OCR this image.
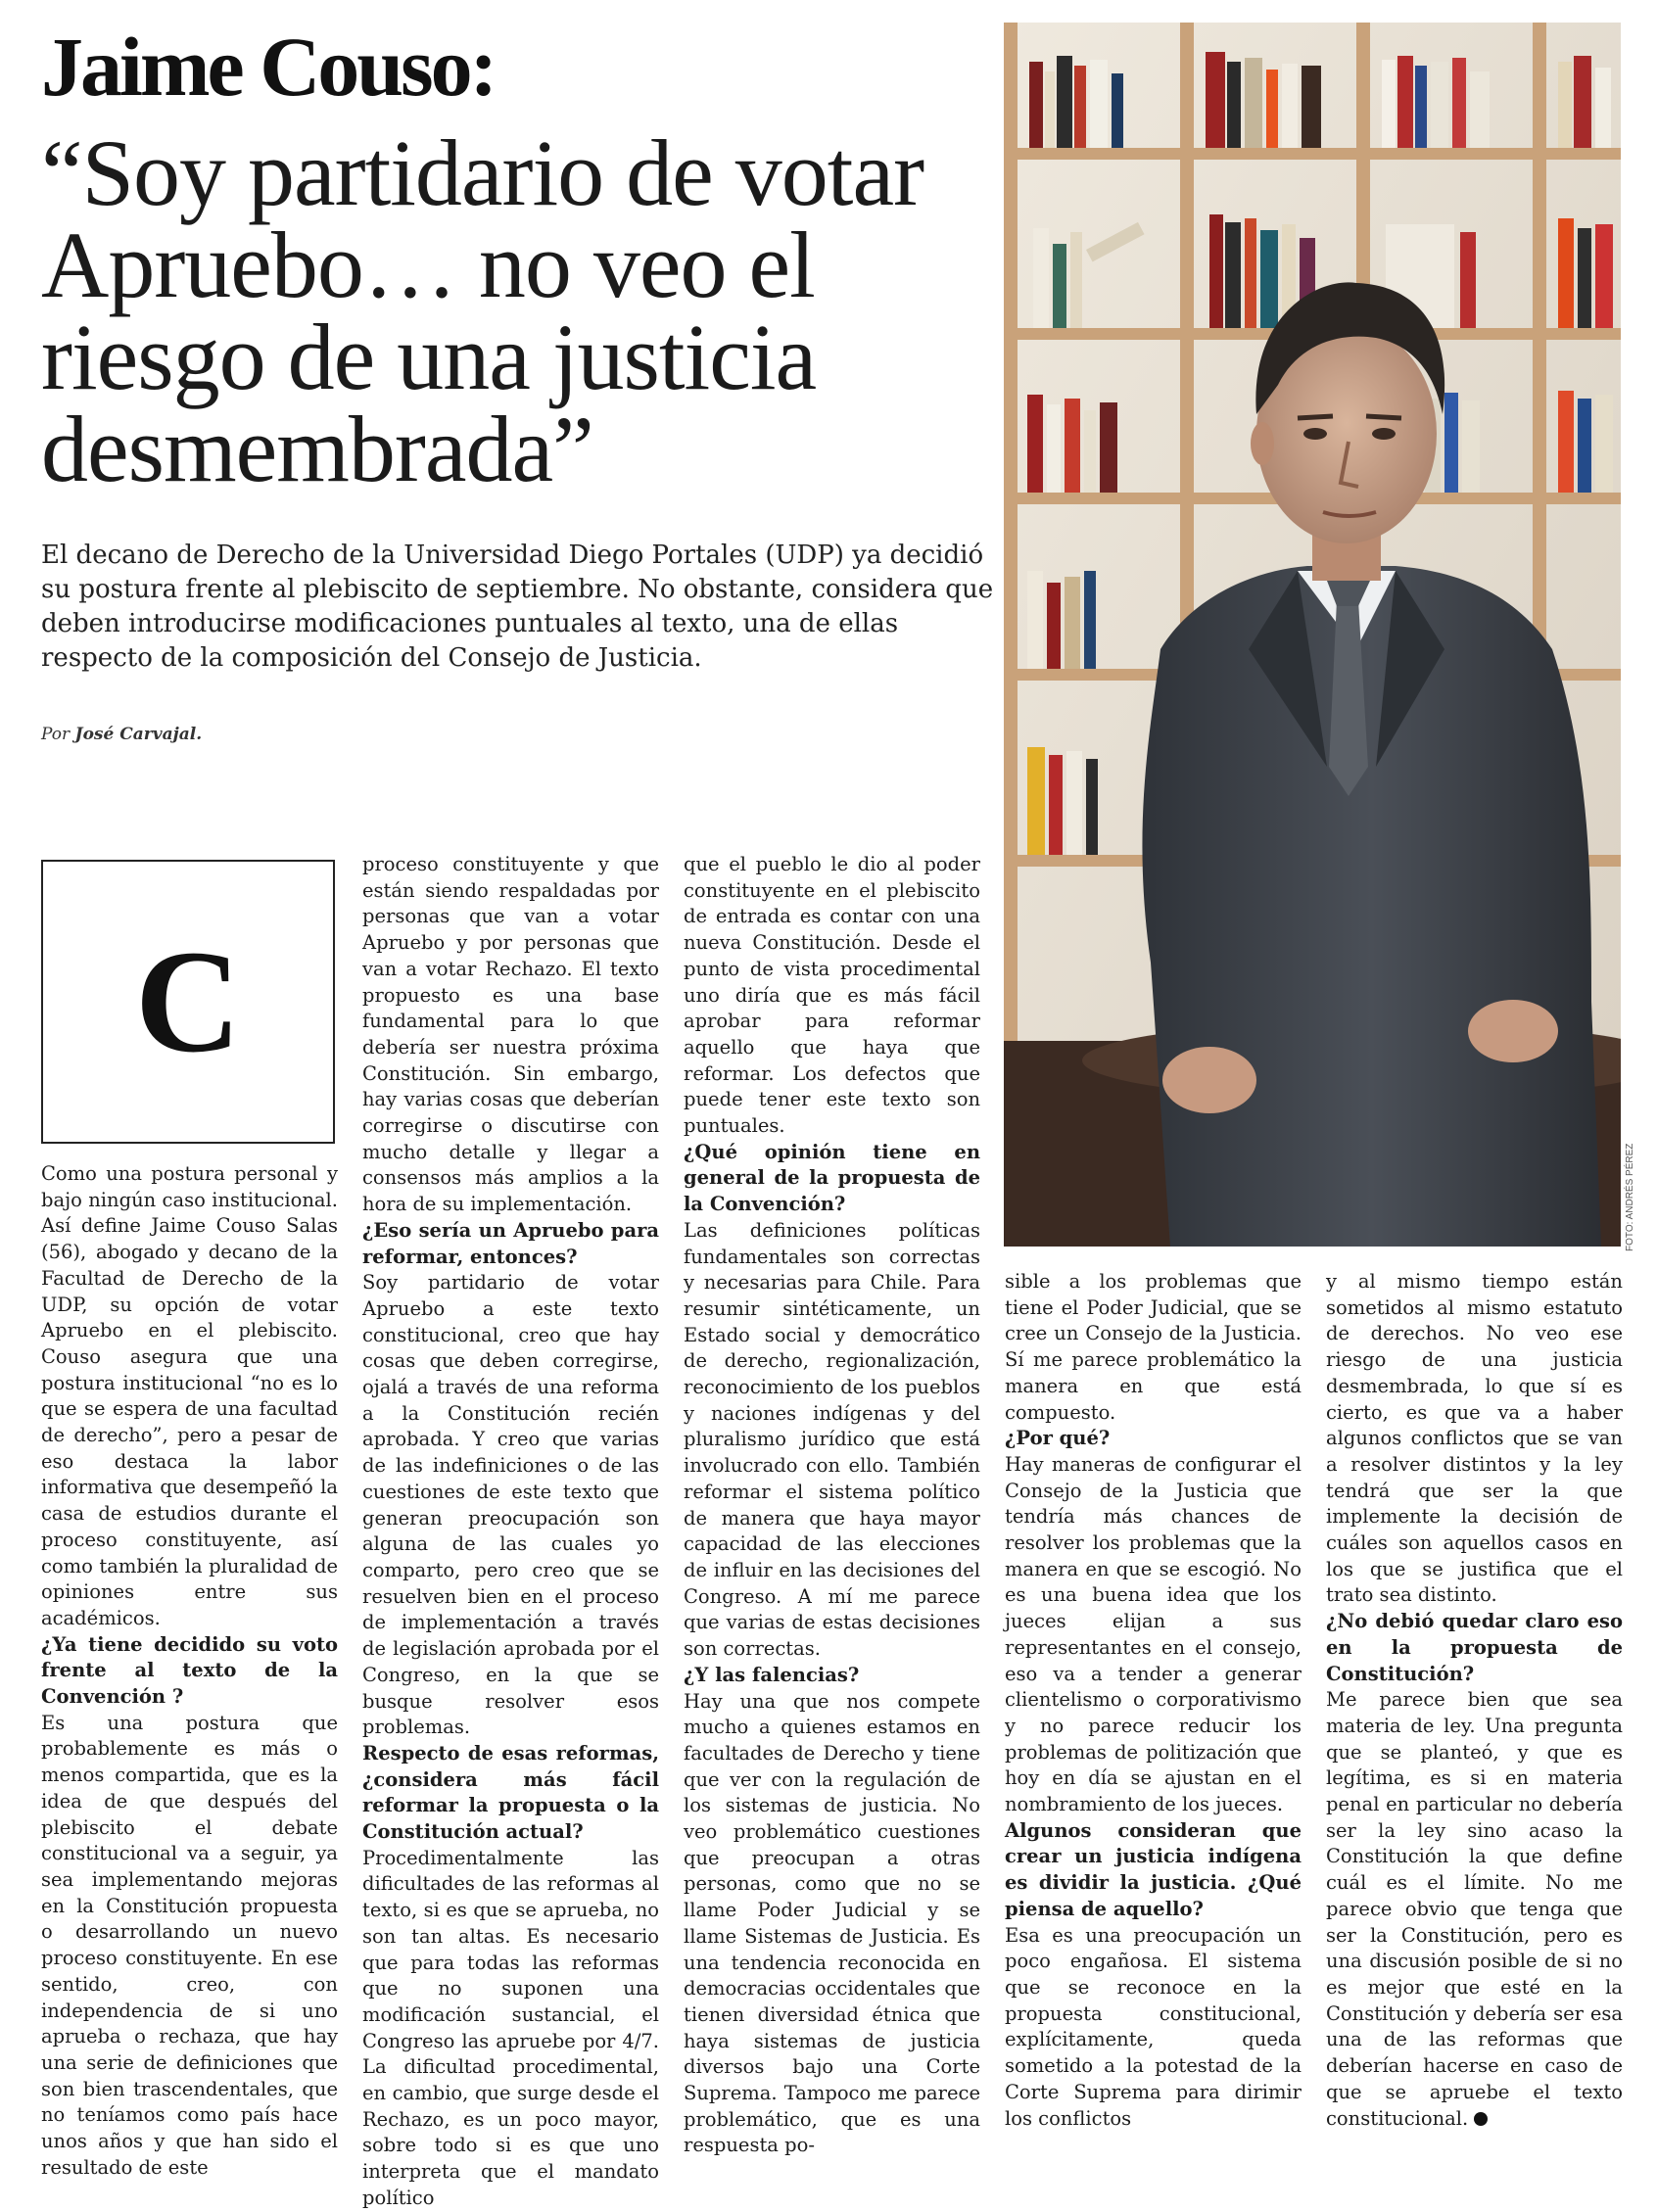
Jaime Couso:
“Soy partidario de votar Apruebo… no veo el riesgo de una justicia desmembrada”
El decano de Derecho de la Universidad Diego Portales (UDP) ya decidió su postura frente al plebiscito de septiembre. No obstante, considera que deben introducirse modificaciones puntuales al texto, una de ellas respecto de la composición del Consejo de Justicia.
Por José Carvajal.
FOTO: ANDRÉS PÉREZ
C

Como una postura personal y bajo ningún caso institucional. Así define Jaime Couso Salas (56), abogado y decano de la Facultad de Derecho de la UDP, su opción de votar Apruebo en el plebiscito. Couso asegura que una postura institucional “no es lo que se espera de una facultad de derecho”, pero a pesar de eso destaca la labor informativa que desempeñó la casa de estudios durante el proceso constituyente, así como también la pluralidad de opiniones entre sus académicos.

¿Ya tiene decidido su voto frente al texto de la Convención ?

Es una postura que probablemente es más o menos compartida, que es la idea de que después del plebiscito el debate constitucional va a seguir, ya sea implementando mejoras en la Constitución propuesta o desarrollando un nuevo proceso constituyente. En ese sentido, creo, con independencia de si uno aprueba o rechaza, que hay una serie de definiciones que son bien trascendentales, que no teníamos como país hace unos años y que han sido el resultado de este

proceso constituyente y que están siendo respaldadas por personas que van a votar Apruebo y por personas que van a votar Rechazo. El texto propuesto es una base fundamental para lo que debería ser nuestra próxima Constitución. Sin embargo, hay varias cosas que deberían corregirse o discutirse con mucho detalle y llegar a consensos más amplios a la hora de su implementación.

¿Eso sería un Apruebo para reformar, entonces?

Soy partidario de votar Apruebo a este texto constitucional, creo que hay cosas que deben corregirse, ojalá a través de una reforma a la Constitución recién aprobada. Y creo que varias de las indefiniciones o de las cuestiones de este texto que generan preocupación son alguna de las cuales yo comparto, pero creo que se resuelven bien en el proceso de implementación a través de legislación aprobada por el Congreso, en la que se busque resolver esos problemas.

Respecto de esas reformas, ¿considera más fácil reformar la propuesta o la Constitución actual?

Procedimentalmente las dificultades de las reformas al texto, si es que se aprueba, no son tan altas. Es necesario que para todas las reformas que no suponen una modificación sustancial, el Congreso las apruebe por 4/7. La dificultad procedimental, en cambio, que surge desde el Rechazo, es un poco mayor, sobre todo si es que uno interpreta que el mandato político

que el pueblo le dio al poder constituyente en el plebiscito de entrada es contar con una nueva Constitución. Desde el punto de vista procedimental uno diría que es más fácil aprobar para reformar aquello que haya que reformar. Los defectos que puede tener este texto son puntuales.

¿Qué opinión tiene en general de la propuesta de la Convención?

Las definiciones políticas fundamentales son correctas y necesarias para Chile. Para resumir sintéticamente, un Estado social y democrático de derecho, regionalización, reconocimiento de los pueblos y naciones indígenas y del pluralismo jurídico que está involucrado con ello. También reformar el sistema político de manera que haya mayor capacidad de las elecciones de influir en las decisiones del Congreso. A mí me parece que varias de estas decisiones son correctas.

¿Y las falencias?

Hay una que nos compete mucho a quienes estamos en facultades de Derecho y tiene que ver con la regulación de los sistemas de justicia. No veo problemático cuestiones que preocupan a otras personas, como que no se llame Poder Judicial y se llame Sistemas de Justicia. Es una tendencia reconocida en democracias occidentales que tienen diversidad étnica que haya sistemas de justicia diversos bajo una Corte Suprema. Tampoco me parece problemático, que es una respuesta po-

sible a los problemas que tiene el Poder Judicial, que se cree un Consejo de la Justicia. Sí me parece problemático la manera en que está compuesto.

¿Por qué?

Hay maneras de configurar el Consejo de la Justicia que tendría más chances de resolver los problemas que la manera en que se escogió. No es una buena idea que los jueces elijan a sus representantes en el consejo, eso va a tender a generar clientelismo o corporativismo y no parece reducir los problemas de politización que hoy en día se ajustan en el nombramiento de los jueces.

Algunos consideran que crear un justicia indígena es dividir la justicia. ¿Qué piensa de aquello?

Esa es una preocupación un poco engañosa. El sistema que se reconoce en la propuesta constitucional, explícitamente, queda sometido a la potestad de la Corte Suprema para dirimir los conflictos

y al mismo tiempo están sometidos al mismo estatuto de derechos. No veo ese riesgo de una justicia desmembrada, lo que sí es cierto, es que va a haber algunos conflictos que se van a resolver distintos y la ley tendrá que ser la que implemente la decisión de cuáles son aquellos casos en los que se justifica que el trato sea distinto.

¿No debió quedar claro eso en la propuesta de Constitución?

Me parece bien que sea materia de ley. Una pregunta que se planteó, y que es legítima, es si en materia penal en particular no debería ser la ley sino acaso la Constitución la que define cuál es el límite. No me parece obvio que tenga que ser la Constitución, pero es una discusión posible de si no es mejor que esté en la Constitución y debería ser esa una de las reformas que deberían hacerse en caso de que se apruebe el texto constitucional.
